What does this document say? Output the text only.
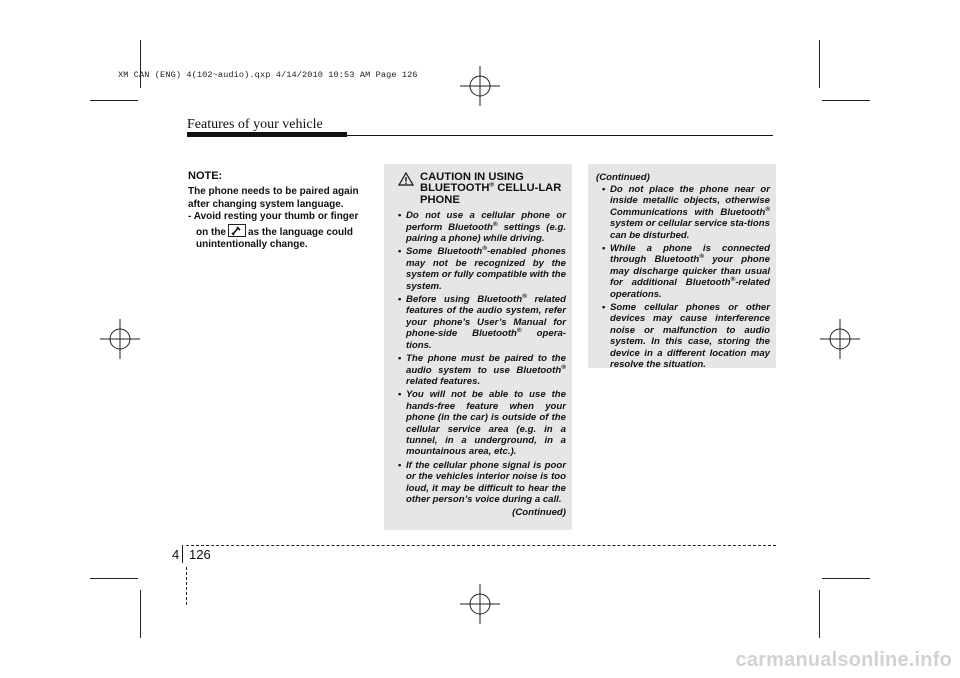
XM CAN (ENG) 4(102~audio).qxp 4/14/2010 10:53 AM Page 126
Features of your vehicle
NOTE:

The phone needs to be paired again after changing system language.

- Avoid resting your thumb or finger on the as the language could unintentionally change.

CAUTION IN USING BLUETOOTH® CELLU-LAR PHONE
• Do not use a cellular phone or perform Bluetooth® settings (e.g. pairing a phone) while driving.
• Some Bluetooth®-enabled phones may not be recognized by the system or fully compatible with the system.
• Before using Bluetooth® related features of the audio system, refer your phone’s User’s Manual for phone-side Bluetooth® opera-tions.
• The phone must be paired to the audio system to use Bluetooth® related features.
• You will not be able to use the hands-free feature when your phone (in the car) is outside of the cellular service area (e.g. in a tunnel, in a underground, in a mountainous area, etc.).
• If the cellular phone signal is poor or the vehicles interior noise is too loud, it may be difficult to hear the other person’s voice during a call.
(Continued)
(Continued)
• Do not place the phone near or inside metallic objects, otherwise Communications with Bluetooth® system or cellular service sta-tions can be disturbed.
• While a phone is connected through Bluetooth® your phone may discharge quicker than usual for additional Bluetooth®-related operations.
• Some cellular phones or other devices may cause interference noise or malfunction to audio system. In this case, storing the device in a different location may resolve the situation.
4 126
carmanualsonline.info
